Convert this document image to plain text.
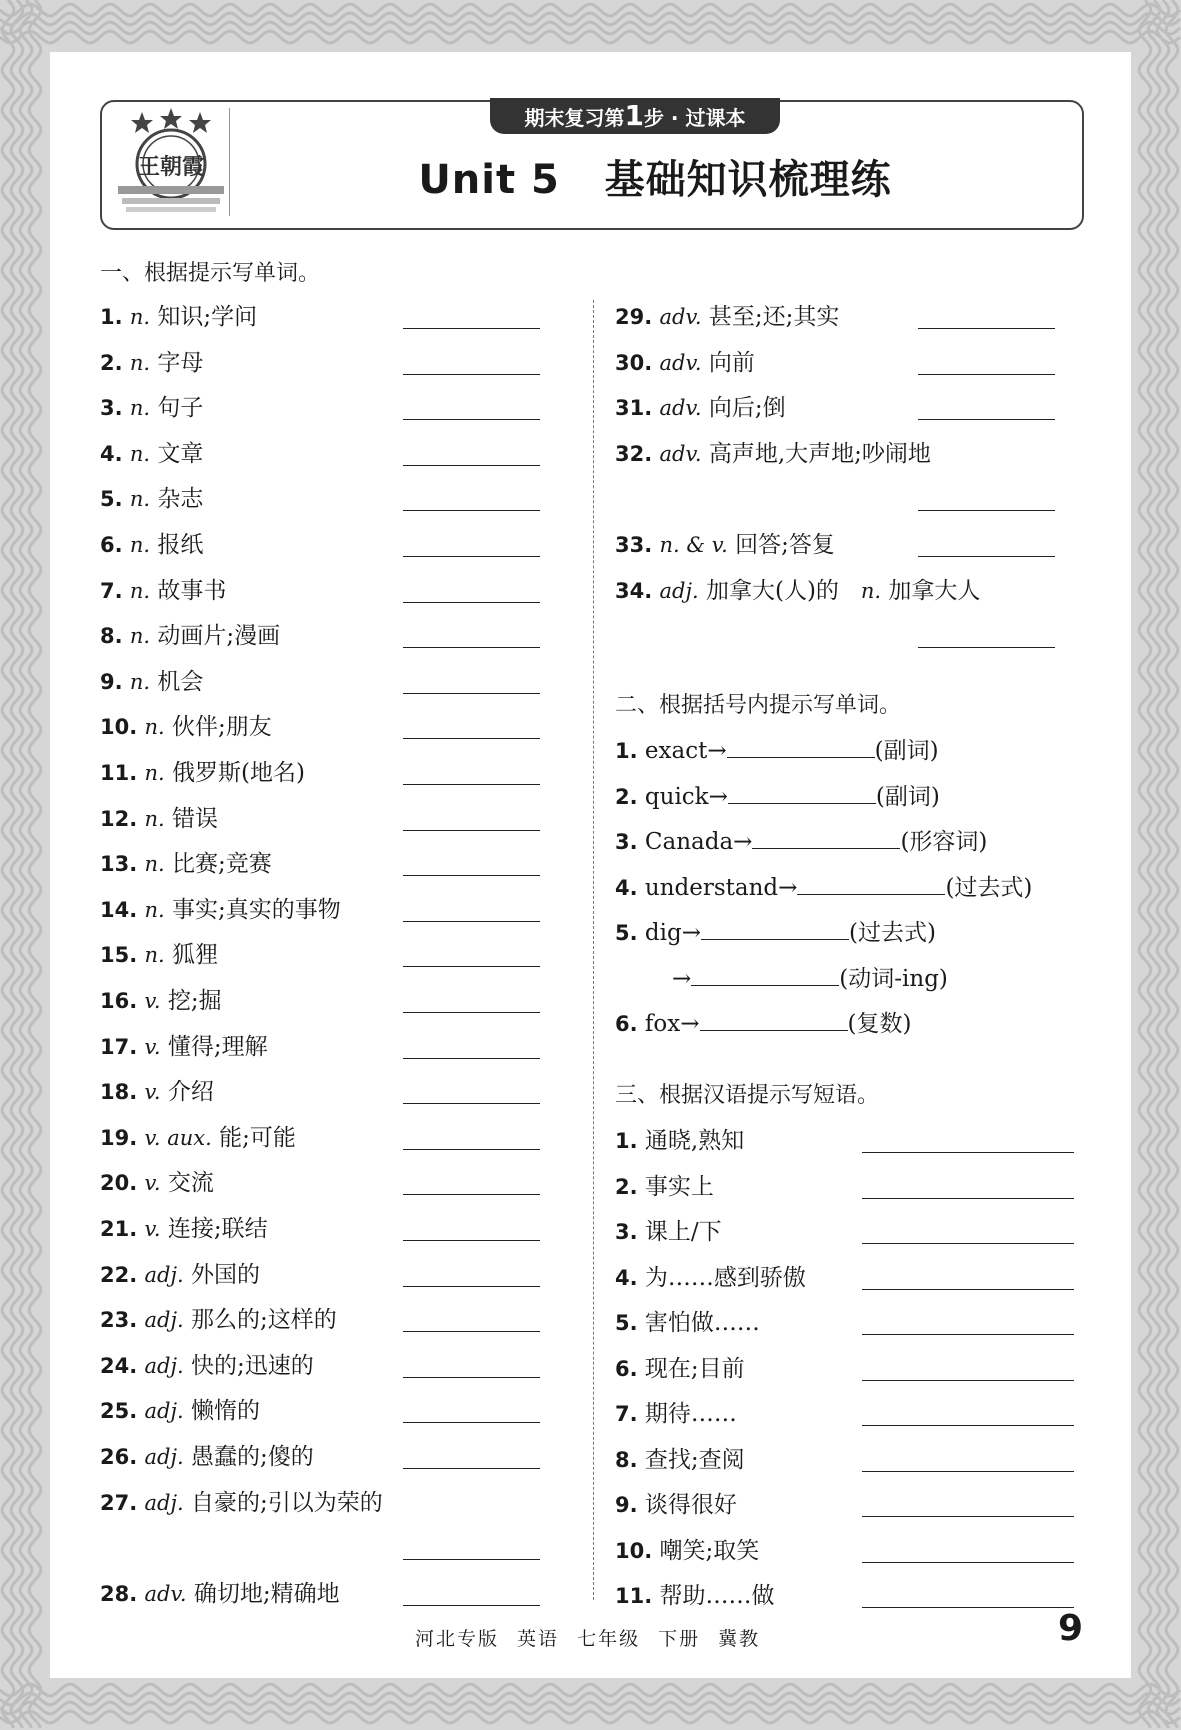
王朝霞
期末复习第1步 · 过课本
Unit 5 基础知识梳理练
一、根据提示写单词。
二、根据括号内提示写单词。
三、根据汉语提示写短语。
河北专版 英语 七年级 下册 冀教	9
1. n. 知识;学问
2. n. 字母
3. n. 句子
4. n. 文章
5. n. 杂志
6. n. 报纸
7. n. 故事书
8. n. 动画片;漫画
9. n. 机会
10. n. 伙伴;朋友
11. n. 俄罗斯(地名)
12. n. 错误
13. n. 比赛;竞赛
14. n. 事实;真实的事物
15. n. 狐狸
16. v. 挖;掘
17. v. 懂得;理解
18. v. 介绍
19. v. aux. 能;可能
20. v. 交流
21. v. 连接;联结
22. adj. 外国的
23. adj. 那么的;这样的
24. adj. 快的;迅速的
25. adj. 懒惰的
26. adj. 愚蠢的;傻的
27. adj. 自豪的;引以为荣的
28. adv. 确切地;精确地
29. adv. 甚至;还;其实
30. adv. 向前
31. adv. 向后;倒
32. adv. 高声地,大声地;吵闹地
33. n. & v. 回答;答复
34. adj. 加拿大(人)的 n. 加拿大人
1. exact→	(副词)
2. quick→	(副词)
3. Canada→	(形容词)
4. understand→	(过去式)
5. dig→	(过去式)
→	(动词-ing)
6. fox→	(复数)
1. 通晓,熟知
2. 事实上
3. 课上/下
4. 为……感到骄傲
5. 害怕做……
6. 现在;目前
7. 期待……
8. 查找;查阅
9. 谈得很好
10. 嘲笑;取笑
11. 帮助……做
